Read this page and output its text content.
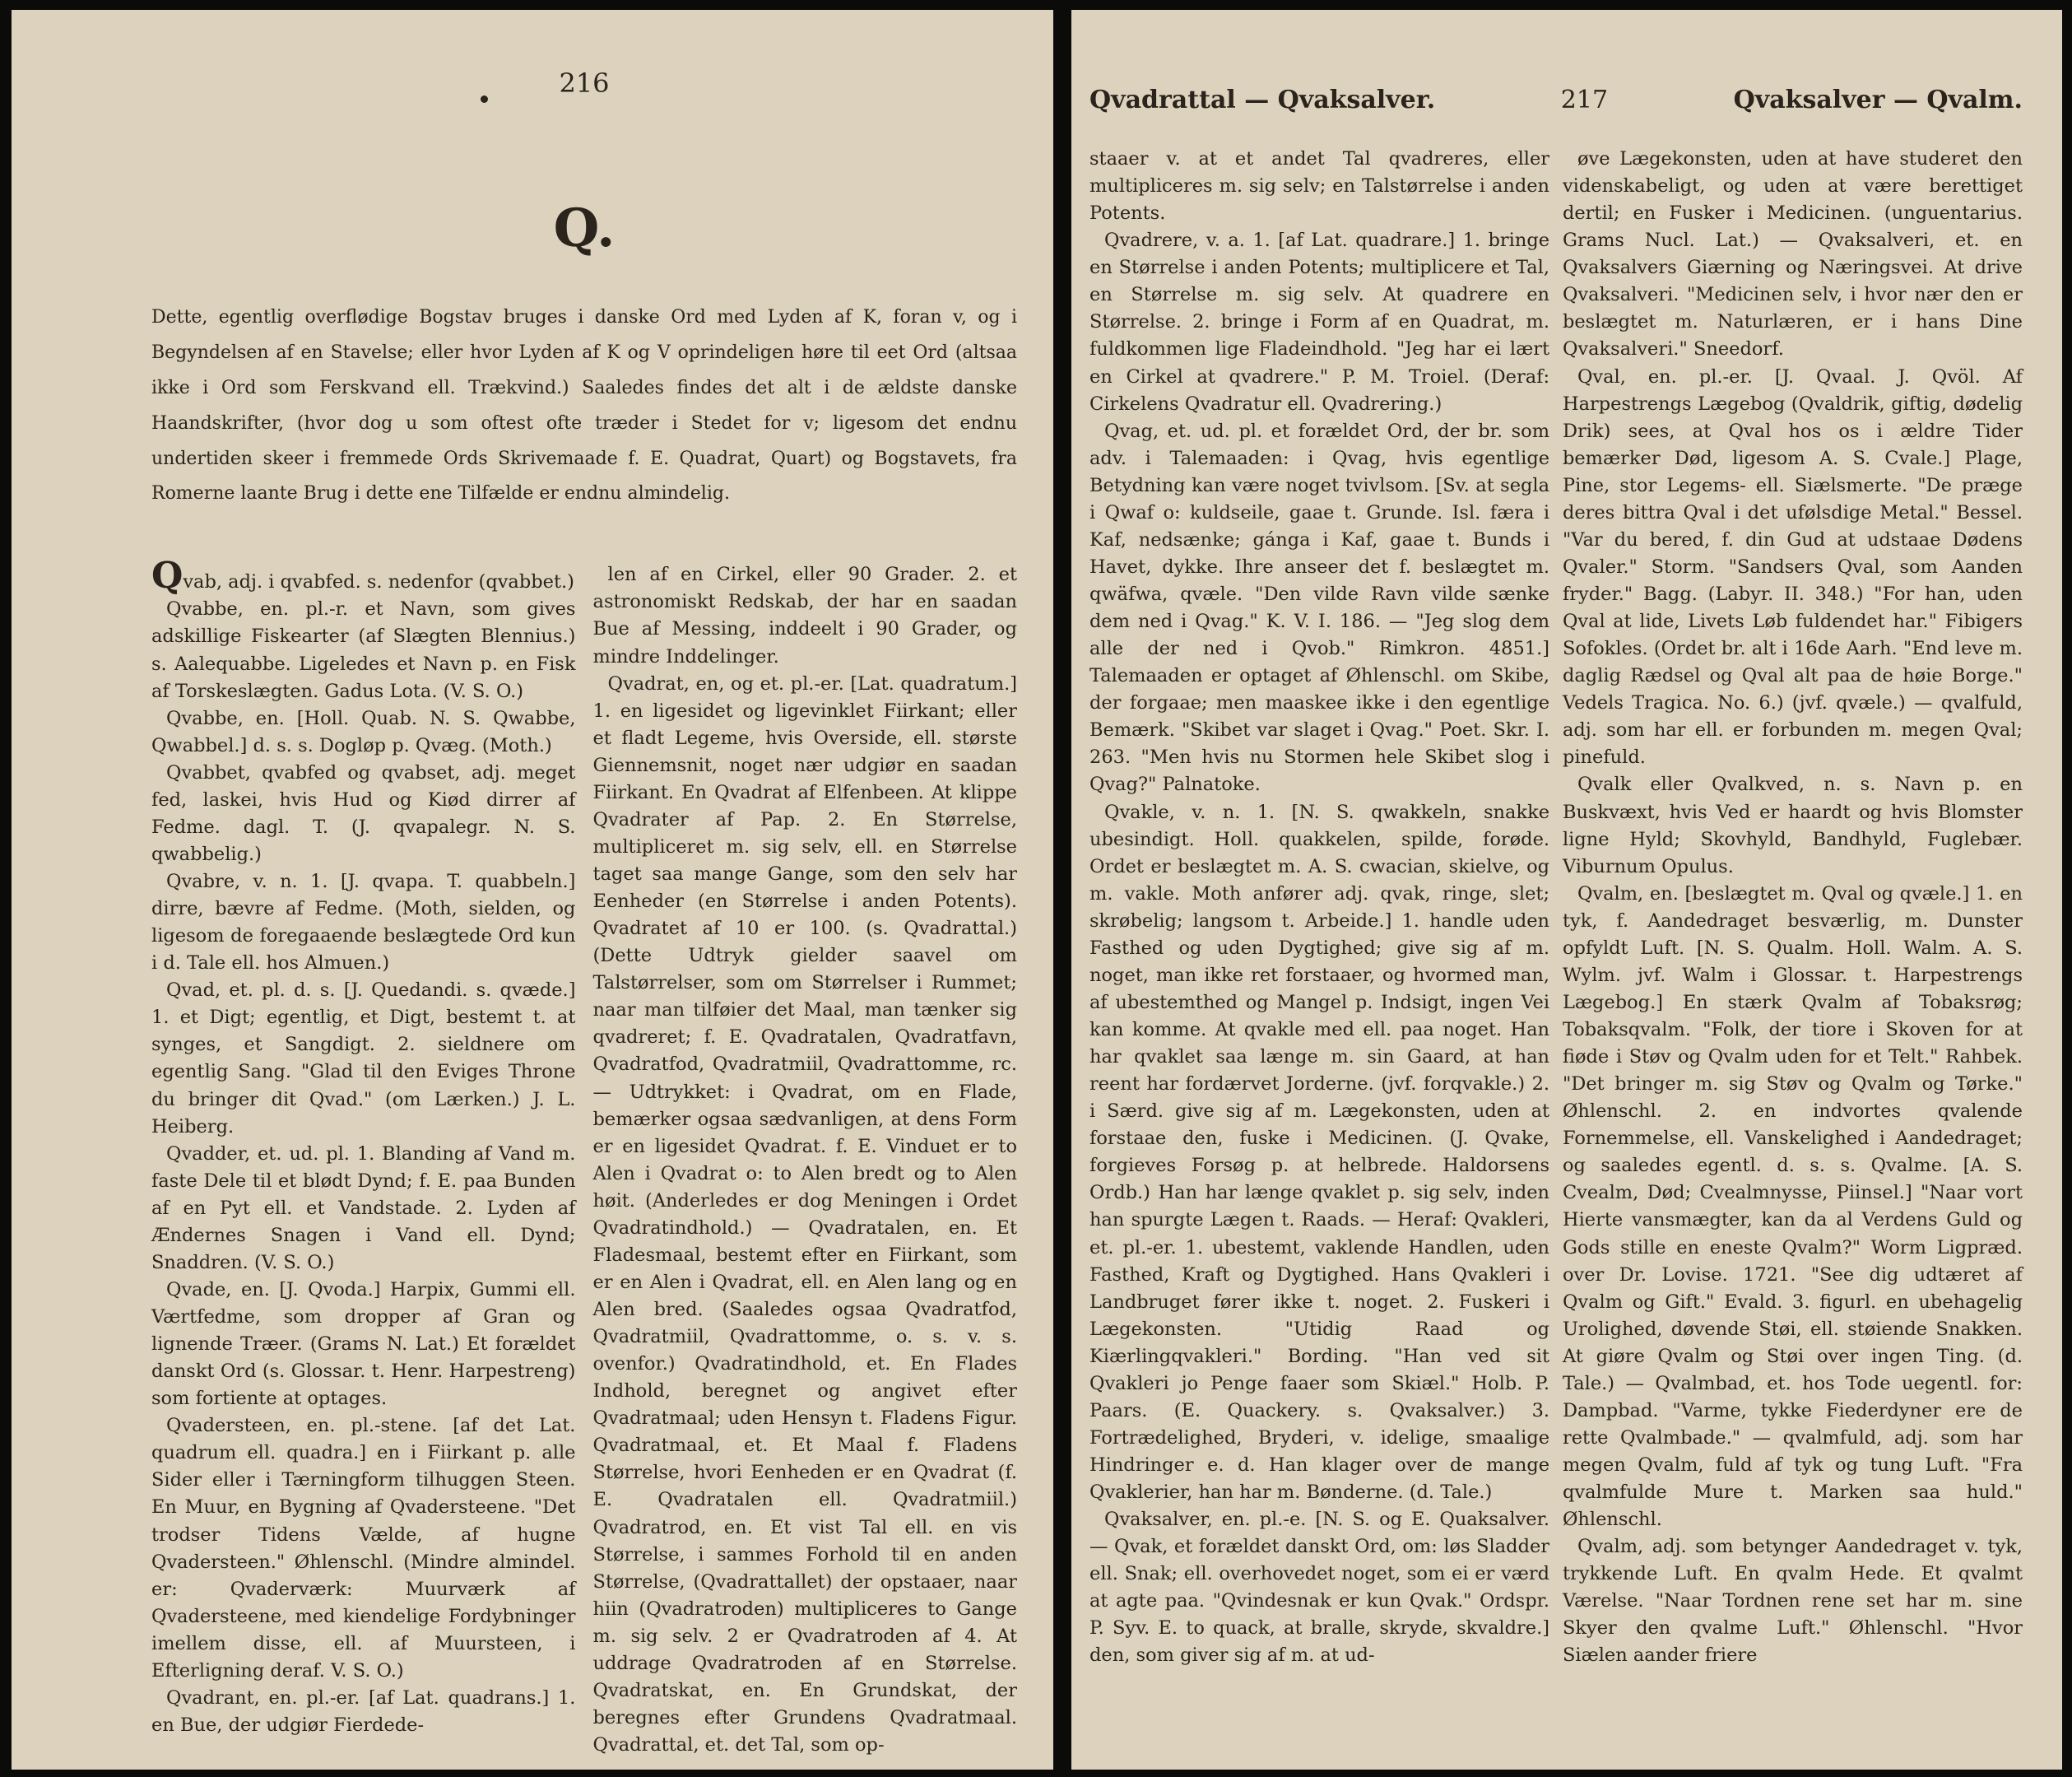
216
Q.

Dette, egentlig overflødige Bogstav bruges i danske Ord med Lyden af K, foran v, og i Begyndelsen af en Stavelse; eller hvor Lyden af K og V oprindeligen høre til eet Ord (altsaa ikke i Ord som Ferskvand ell. Trækvind.) Saaledes findes det alt i de ældste danske Haandskrifter, (hvor dog u som oftest ofte træder i Stedet for v; ligesom det endnu undertiden skeer i fremmede Ords Skrivemaade f. E. Quadrat, Quart) og Bogstavets, fra Romerne laante Brug i dette ene Tilfælde er endnu almindelig.

Qvab, adj. i qvabfed. s. nedenfor (qvabbet.)

Qvabbe, en. pl.-r. et Navn, som gives adskillige Fiskearter (af Slægten Blennius.) s. Aalequabbe. Ligeledes et Navn p. en Fisk af Torskeslægten. Gadus Lota. (V. S. O.)

Qvabbe, en. [Holl. Quab. N. S. Qwabbe, Qwabbel.] d. s. s. Dogløp p. Qvæg. (Moth.)

Qvabbet, qvabfed og qvabset, adj. meget fed, laskei, hvis Hud og Kiød dirrer af Fedme. dagl. T. (J. qvapalegr. N. S. qwabbelig.)

Qvabre, v. n. 1. [J. qvapa. T. quabbeln.] dirre, bævre af Fedme. (Moth, sielden, og ligesom de foregaaende beslægtede Ord kun i d. Tale ell. hos Almuen.)

Qvad, et. pl. d. s. [J. Quedandi. s. qvæde.] 1. et Digt; egentlig, et Digt, bestemt t. at synges, et Sangdigt. 2. sieldnere om egentlig Sang. "Glad til den Eviges Throne du bringer dit Qvad." (om Lærken.) J. L. Heiberg.

Qvadder, et. ud. pl. 1. Blanding af Vand m. faste Dele til et blødt Dynd; f. E. paa Bunden af en Pyt ell. et Vandstade. 2. Lyden af Ændernes Snagen i Vand ell. Dynd; Snaddren. (V. S. O.)

Qvade, en. [J. Qvoda.] Harpix, Gummi ell. Værtfedme, som dropper af Gran og lignende Træer. (Grams N. Lat.) Et forældet danskt Ord (s. Glossar. t. Henr. Harpestreng) som fortiente at optages.

Qvadersteen, en. pl.-stene. [af det Lat. quadrum ell. quadra.] en i Fiirkant p. alle Sider eller i Tærningform tilhuggen Steen. En Muur, en Bygning af Qvadersteene. "Det trodser Tidens Vælde, af hugne Qvadersteen." Øhlenschl. (Mindre almindel. er: Qvaderværk: Muurværk af Qvadersteene, med kiendelige Fordybninger imellem disse, ell. af Muursteen, i Efterligning deraf. V. S. O.)

Qvadrant, en. pl.-er. [af Lat. quadrans.] 1. en Bue, der udgiør Fierdede-

len af en Cirkel, eller 90 Grader. 2. et astronomiskt Redskab, der har en saadan Bue af Messing, inddeelt i 90 Grader, og mindre Inddelinger.

Qvadrat, en, og et. pl.-er. [Lat. quadratum.] 1. en ligesidet og ligevinklet Fiirkant; eller et fladt Legeme, hvis Overside, ell. største Giennemsnit, noget nær udgiør en saadan Fiirkant. En Qvadrat af Elfenbeen. At klippe Qvadrater af Pap. 2. En Størrelse, multipliceret m. sig selv, ell. en Størrelse taget saa mange Gange, som den selv har Eenheder (en Størrelse i anden Potents). Qvadratet af 10 er 100. (s. Qvadrattal.) (Dette Udtryk gielder saavel om Talstørrelser, som om Størrelser i Rummet; naar man tilføier det Maal, man tænker sig qvadreret; f. E. Qvadratalen, Qvadratfavn, Qvadratfod, Qvadratmiil, Qvadrattomme, rc. — Udtrykket: i Qvadrat, om en Flade, bemærker ogsaa sædvanligen, at dens Form er en ligesidet Qvadrat. f. E. Vinduet er to Alen i Qvadrat o: to Alen bredt og to Alen høit. (Anderledes er dog Meningen i Ordet Qvadratindhold.) — Qvadratalen, en. Et Fladesmaal, bestemt efter en Fiirkant, som er en Alen i Qvadrat, ell. en Alen lang og en Alen bred. (Saaledes ogsaa Qvadratfod, Qvadratmiil, Qvadrattomme, o. s. v. s. ovenfor.) Qvadratindhold, et. En Flades Indhold, beregnet og angivet efter Qvadratmaal; uden Hensyn t. Fladens Figur. Qvadratmaal, et. Et Maal f. Fladens Størrelse, hvori Eenheden er en Qvadrat (f. E. Qvadratalen ell. Qvadratmiil.) Qvadratrod, en. Et vist Tal ell. en vis Størrelse, i sammes Forhold til en anden Størrelse, (Qvadrattallet) der opstaaer, naar hiin (Qvadratroden) multipliceres to Gange m. sig selv. 2 er Qvadratroden af 4. At uddrage Qvadratroden af en Størrelse. Qvadratskat, en. En Grundskat, der beregnes efter Grundens Qvadratmaal. Qvadrattal, et. det Tal, som op-

Qvadrattal — Qvaksalver.	217	Qvaksalver — Qvalm.

staaer v. at et andet Tal qvadreres, eller multipliceres m. sig selv; en Talstørrelse i anden Potents.

Qvadrere, v. a. 1. [af Lat. quadrare.] 1. bringe en Størrelse i anden Potents; multiplicere et Tal, en Størrelse m. sig selv. At quadrere en Størrelse. 2. bringe i Form af en Quadrat, m. fuldkommen lige Fladeindhold. "Jeg har ei lært en Cirkel at qvadrere." P. M. Troiel. (Deraf: Cirkelens Qvadratur ell. Qvadrering.)

Qvag, et. ud. pl. et forældet Ord, der br. som adv. i Talemaaden: i Qvag, hvis egentlige Betydning kan være noget tvivlsom. [Sv. at segla i Qwaf o: kuldseile, gaae t. Grunde. Isl. færa i Kaf, nedsænke; gánga i Kaf, gaae t. Bunds i Havet, dykke. Ihre anseer det f. beslægtet m. qwäfwa, qvæle. "Den vilde Ravn vilde sænke dem ned i Qvag." K. V. I. 186. — "Jeg slog dem alle der ned i Qvob." Rimkron. 4851.] Talemaaden er optaget af Øhlenschl. om Skibe, der forgaae; men maaskee ikke i den egentlige Bemærk. "Skibet var slaget i Qvag." Poet. Skr. I. 263. "Men hvis nu Stormen hele Skibet slog i Qvag?" Palnatoke.

Qvakle, v. n. 1. [N. S. qwakkeln, snakke ubesindigt. Holl. quakkelen, spilde, forøde. Ordet er beslægtet m. A. S. cwacian, skielve, og m. vakle. Moth anfører adj. qvak, ringe, slet; skrøbelig; langsom t. Arbeide.] 1. handle uden Fasthed og uden Dygtighed; give sig af m. noget, man ikke ret forstaaer, og hvormed man, af ubestemthed og Mangel p. Indsigt, ingen Vei kan komme. At qvakle med ell. paa noget. Han har qvaklet saa længe m. sin Gaard, at han reent har fordærvet Jorderne. (jvf. forqvakle.) 2. i Særd. give sig af m. Lægekonsten, uden at forstaae den, fuske i Medicinen. (J. Qvake, forgieves Forsøg p. at helbrede. Haldorsens Ordb.) Han har længe qvaklet p. sig selv, inden han spurgte Lægen t. Raads. — Heraf: Qvakleri, et. pl.-er. 1. ubestemt, vaklende Handlen, uden Fasthed, Kraft og Dygtighed. Hans Qvakleri i Landbruget fører ikke t. noget. 2. Fuskeri i Lægekonsten. "Utidig Raad og Kiærlingqvakleri." Bording. "Han ved sit Qvakleri jo Penge faaer som Skiæl." Holb. P. Paars. (E. Quackery. s. Qvaksalver.) 3. Fortrædelighed, Bryderi, v. idelige, smaalige Hindringer e. d. Han klager over de mange Qvaklerier, han har m. Bønderne. (d. Tale.)

Qvaksalver, en. pl.-e. [N. S. og E. Quaksalver. — Qvak, et forældet danskt Ord, om: løs Sladder ell. Snak; ell. overhovedet noget, som ei er værd at agte paa. "Qvindesnak er kun Qvak." Ordspr. P. Syv. E. to quack, at bralle, skryde, skvaldre.] den, som giver sig af m. at ud-

øve Lægekonsten, uden at have studeret den videnskabeligt, og uden at være berettiget dertil; en Fusker i Medicinen. (unguentarius. Grams Nucl. Lat.) — Qvaksalveri, et. en Qvaksalvers Giærning og Næringsvei. At drive Qvaksalveri. "Medicinen selv, i hvor nær den er beslægtet m. Naturlæren, er i hans Dine Qvaksalveri." Sneedorf.

Qval, en. pl.-er. [J. Qvaal. J. Qvöl. Af Harpestrengs Lægebog (Qvaldrik, giftig, dødelig Drik) sees, at Qval hos os i ældre Tider bemærker Død, ligesom A. S. Cvale.] Plage, Pine, stor Legems- ell. Siælsmerte. "De præge deres bittra Qval i det ufølsdige Metal." Bessel. "Var du bered, f. din Gud at udstaae Dødens Qvaler." Storm. "Sandsers Qval, som Aanden fryder." Bagg. (Labyr. II. 348.) "For han, uden Qval at lide, Livets Løb fuldendet har." Fibigers Sofokles. (Ordet br. alt i 16de Aarh. "End leve m. daglig Rædsel og Qval alt paa de høie Borge." Vedels Tragica. No. 6.) (jvf. qvæle.) — qvalfuld, adj. som har ell. er forbunden m. megen Qval; pinefuld.

Qvalk eller Qvalkved, n. s. Navn p. en Buskvæxt, hvis Ved er haardt og hvis Blomster ligne Hyld; Skovhyld, Bandhyld, Fuglebær. Viburnum Opulus.

Qvalm, en. [beslægtet m. Qval og qvæle.] 1. en tyk, f. Aandedraget besværlig, m. Dunster opfyldt Luft. [N. S. Qualm. Holl. Walm. A. S. Wylm. jvf. Walm i Glossar. t. Harpestrengs Lægebog.] En stærk Qvalm af Tobaksrøg; Tobaksqvalm. "Folk, der tiore i Skoven for at fiøde i Støv og Qvalm uden for et Telt." Rahbek. "Det bringer m. sig Støv og Qvalm og Tørke." Øhlenschl. 2. en indvortes qvalende Fornemmelse, ell. Vanskelighed i Aandedraget; og saaledes egentl. d. s. s. Qvalme. [A. S. Cvealm, Død; Cvealmnysse, Piinsel.] "Naar vort Hierte vansmægter, kan da al Verdens Guld og Gods stille en eneste Qvalm?" Worm Ligpræd. over Dr. Lovise. 1721. "See dig udtæret af Qvalm og Gift." Evald. 3. figurl. en ubehagelig Urolighed, døvende Støi, ell. støiende Snakken. At giøre Qvalm og Støi over ingen Ting. (d. Tale.) — Qvalmbad, et. hos Tode uegentl. for: Dampbad. "Varme, tykke Fiederdyner ere de rette Qvalmbade." — qvalmfuld, adj. som har megen Qvalm, fuld af tyk og tung Luft. "Fra qvalmfulde Mure t. Marken saa huld." Øhlenschl.

Qvalm, adj. som betynger Aandedraget v. tyk, trykkende Luft. En qvalm Hede. Et qvalmt Værelse. "Naar Tordnen rene set har m. sine Skyer den qvalme Luft." Øhlenschl. "Hvor Siælen aander friere
